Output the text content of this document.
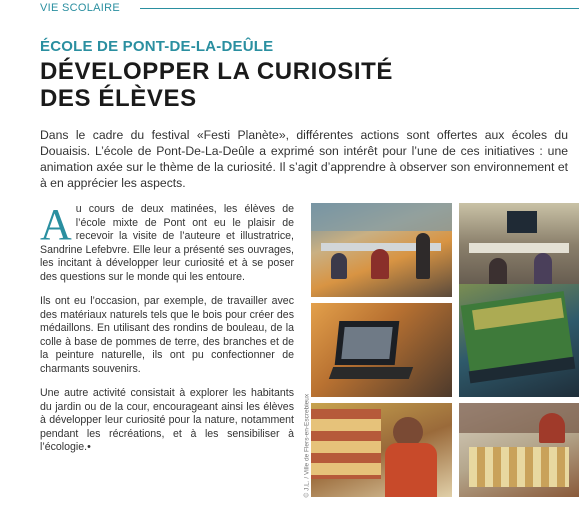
VIE SCOLAIRE
ÉCOLE DE PONT-DE-LA-DEÛLE
DÉVELOPPER LA CURIOSITÉ
DES ÉLÈVES
Dans le cadre du festival «Festi Planète», différentes actions sont offertes aux écoles du Douaisis. L’école de Pont-De-La-Deûle a exprimé son intérêt pour l’une de ces initiatives : une animation axée sur le thème de la curiosité. Il s’agit d’apprendre à observer son environnement et à en apprécier les aspects.

Au cours de deux matinées, les élèves de l’école mixte de Pont ont eu le plaisir de recevoir la visite de l’auteure et illustratrice, Sandrine Lefebvre. Elle leur a présenté ses ouvrages, les incitant à développer leur curiosité et à se poser des questions sur le monde qui les entoure.

Ils ont eu l’occasion, par exemple, de travailler avec des matériaux naturels tels que le bois pour créer des médaillons. En utilisant des rondins de bouleau, de la colle à base de pommes de terre, des branches et de la peinture naturelle, ils ont pu confectionner de charmants souvenirs.

Une autre activité consistait à explorer les habitants du jardin ou de la cour, encourageant ainsi les élèves à développer leur curiosité pour la nature, notamment pendant les récréations, et à les sensibiliser à l’écologie.•	© J.L. / Ville de Flers-en-Escrebieux
